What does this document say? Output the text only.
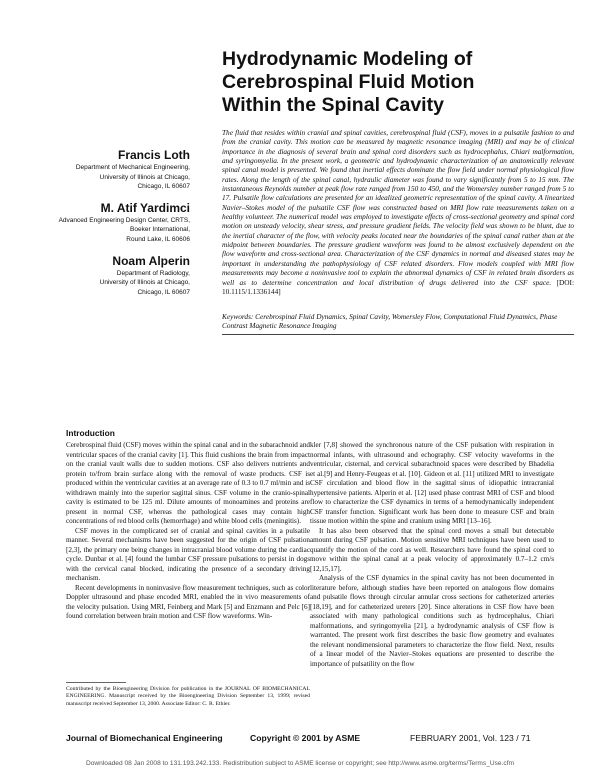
Hydrodynamic Modeling of
Cerebrospinal Fluid Motion
Within the Spinal Cavity
Francis Loth
Department of Mechanical Engineering,
University of Illinois at Chicago,
Chicago, IL 60607
M. Atif Yardimci
Advanced Engineering Design Center, CRTS,
Boeker International,
Round Lake, IL 60606
Noam Alperin
Department of Radiology,
University of Illinois at Chicago,
Chicago, IL 60607
The fluid that resides within cranial and spinal cavities, cerebrospinal fluid (CSF), moves in a pulsatile fashion to and from the cranial cavity. This motion can be measured by magnetic resonance imaging (MRI) and may be of clinical importance in the diagnosis of several brain and spinal cord disorders such as hydrocephalus, Chiari malformation, and syringomyelia. In the present work, a geometric and hydrodynamic characterization of an anatomically relevant spinal canal model is presented. We found that inertial effects dominate the flow field under normal physiological flow rates. Along the length of the spinal canal, hydraulic diameter was found to vary significantly from 5 to 15 mm. The instantaneous Reynolds number at peak flow rate ranged from 150 to 450, and the Womersley number ranged from 5 to 17. Pulsatile flow calculations are presented for an idealized geometric representation of the spinal cavity. A linearized Navier–Stokes model of the pulsatile CSF flow was constructed based on MRI flow rate measurements taken on a healthy volunteer. The numerical model was employed to investigate effects of cross-sectional geometry and spinal cord motion on unsteady velocity, shear stress, and pressure gradient fields. The velocity field was shown to be blunt, due to the inertial character of the flow, with velocity peaks located near the boundaries of the spinal canal rather than at the midpoint between boundaries. The pressure gradient waveform was found to be almost exclusively dependent on the flow waveform and cross-sectional area. Characterization of the CSF dynamics in normal and diseased states may be important in understanding the pathophysiology of CSF related disorders. Flow models coupled with MRI flow measurements may become a noninvasive tool to explain the abnormal dynamics of CSF in related brain disorders as well as to determine concentration and local distribution of drugs delivered into the CSF space. [DOI: 10.1115/1.1336144]
Keywords: Cerebrospinal Fluid Dynamics, Spinal Cavity, Womersley Flow, Computational Fluid Dynamics, Phase Contrast Magnetic Resonance Imaging
Introduction

Cerebrospinal fluid (CSF) moves within the spinal canal and in the subarachnoid and ventricular spaces of the cranial cavity [1]. This fluid cushions the brain from impact on the cranial vault walls due to sudden motions. CSF also delivers nutrients and protein to/from brain surface along with the removal of waste products. CSF is produced within the ventricular cavities at an average rate of 0.3 to 0.7 ml/min and is withdrawn mainly into the superior sagittal sinus. CSF volume in the cranio-spinal cavity is estimated to be 125 ml. Dilute amounts of monoamines and proteins are present in normal CSF, whereas the pathological cases may contain high concentrations of red blood cells (hemorrhage) and white blood cells (meningitis).

CSF moves in the complicated set of cranial and spinal cavities in a pulsatile manner. Several mechanisms have been suggested for the origin of CSF pulsation [2,3], the primary one being changes in intracranial blood volume during the cardiac cycle. Dunbar et al. [4] found the lumbar CSF pressure pulsations to persist in dogs with the cervical canal blocked, indicating the presence of a secondary driving mechanism.

Recent developments in noninvasive flow measurement techniques, such as color Doppler ultrasound and phase encoded MRI, enabled the in vivo measurements of the velocity pulsation. Using MRI, Feinberg and Mark [5] and Enzmann and Pelc [6] found correlation between brain motion and CSF flow waveforms. Win-

kler [7,8] showed the synchronous nature of the CSF pulsation with respiration in normal infants, with ultrasound and echography. CSF velocity waveforms in the ventricular, cisternal, and cervical subarachnoid spaces were described by Bhadelia et al.[9] and Henry-Feugeas et al. [10]. Gideon et al. [11] utilized MRI to investigate CSF circulation and blood flow in the sagittal sinus of idiopathic intracranial hypertensive patients. Alperin et al. [12] used phase contrast MRI of CSF and blood flow to characterize the CSF dynamics in terms of a hemodynamically independent CSF transfer function. Significant work has been done to measure CSF and brain tissue motion within the spine and cranium using MRI [13–16].

It has also been observed that the spinal cord moves a small but detectable amount during CSF pulsation. Motion sensitive MRI techniques have been used to quantify the motion of the cord as well. Researchers have found the spinal cord to move within the spinal canal at a peak velocity of approximately 0.7–1.2 cm/s [12,15,17].

Analysis of the CSF dynamics in the spinal cavity has not been documented in literature before, although studies have been reported on analogous flow domains and pulsatile flows through circular annular cross sections for catheterized arteries [18,19], and for catheterized ureters [20]. Since alterations in CSF flow have been associated with many pathological conditions such as hydrocephalus, Chiari malformations, and syringomyelia [21], a hydrodynamic analysis of CSF flow is warranted. The present work first describes the basic flow geometry and evaluates the relevant nondimensional parameters to characterize the flow field. Next, results of a linear model of the Navier–Stokes equations are presented to describe the importance of pulsatility on the flow

Contributed by the Bioengineering Division for publication in the JOURNAL OF BIOMECHANICAL ENGINEERING. Manuscript received by the Bioengineering Division September 13, 1999; revised manuscript received September 13, 2000. Associate Editor: C. R. Ethier.
Journal of Biomechanical Engineering	Copyright © 2001 by ASME	FEBRUARY 2001, Vol. 123 / 71
Downloaded 08 Jan 2008 to 131.193.242.133. Redistribution subject to ASME license or copyright; see http://www.asme.org/terms/Terms_Use.cfm
